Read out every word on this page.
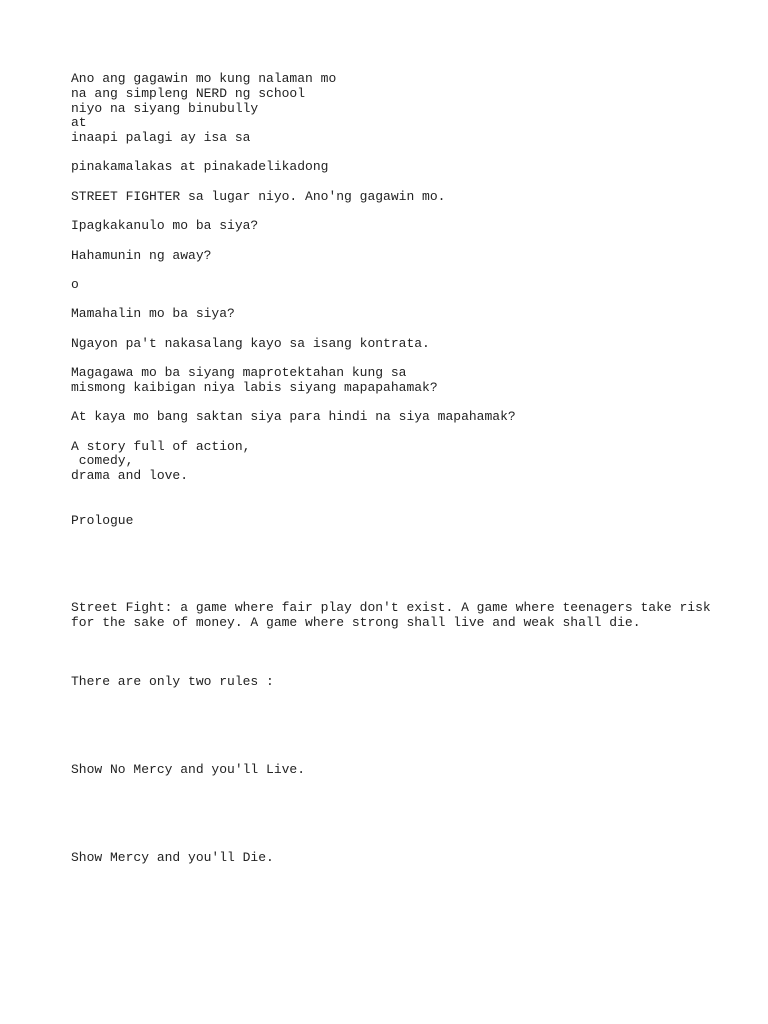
Ano ang gagawin mo kung nalaman mo

na ang simpleng NERD ng school

niyo na siyang binubully

at

inaapi palagi ay isa sa

pinakamalakas at pinakadelikadong

STREET FIGHTER sa lugar niyo. Ano'ng gagawin mo.

Ipagkakanulo mo ba siya?

Hahamunin ng away?

o

Mamahalin mo ba siya?

Ngayon pa't nakasalang kayo sa isang kontrata.

Magagawa mo ba siyang maprotektahan kung sa

mismong kaibigan niya labis siyang mapapahamak?

At kaya mo bang saktan siya para hindi na siya mapahamak?

A story full of action,

comedy,

drama and love.

Prologue

Street Fight: a game where fair play don't exist. A game where teenagers take risk

for the sake of money. A game where strong shall live and weak shall die.

There are only two rules :

Show No Mercy and you'll Live.

Show Mercy and you'll Die.
